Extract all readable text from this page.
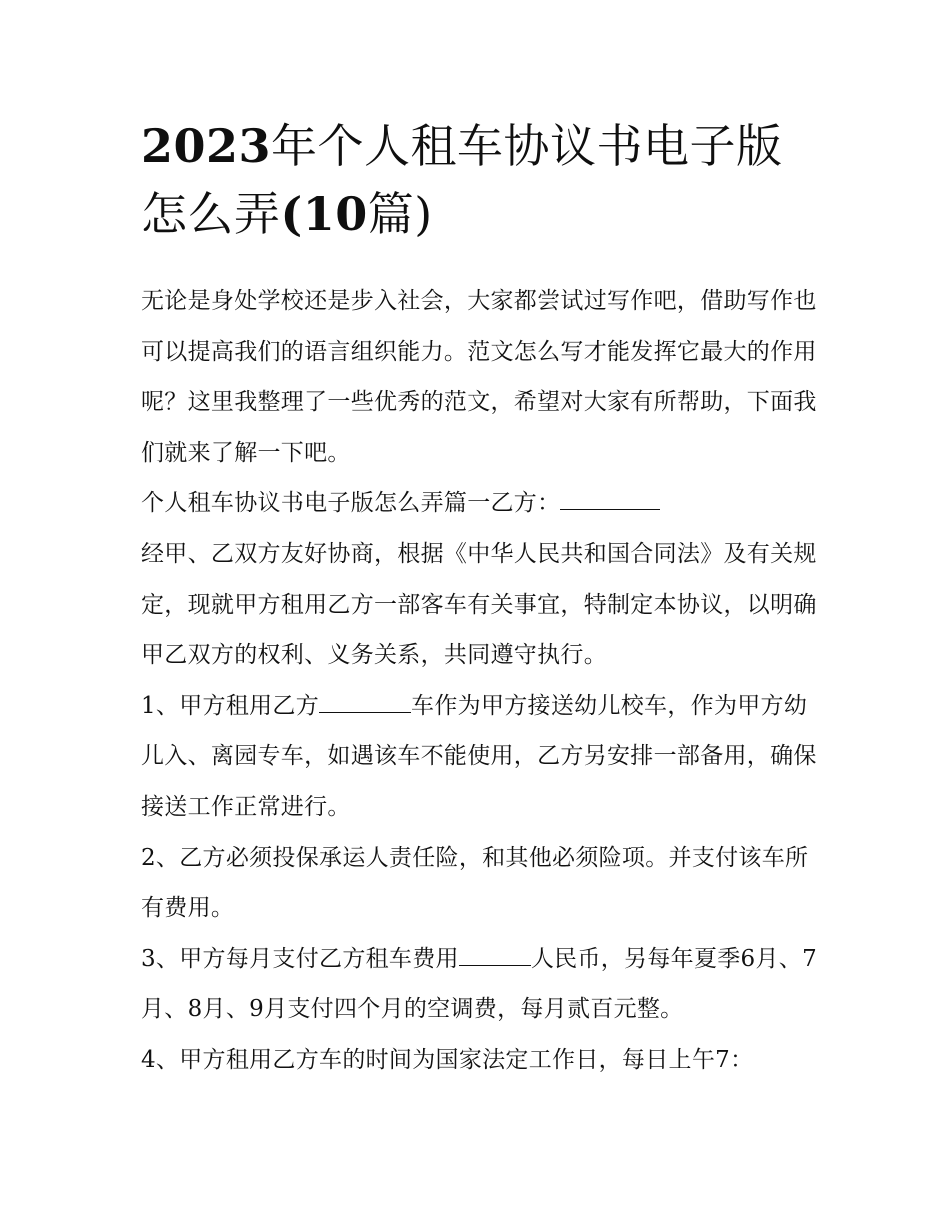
2023年个人租车协议书电子版
怎么弄(10篇)

无论是身处学校还是步入社会，大家都尝试过写作吧，借助写作也可以提高我们的语言组织能力。范文怎么写才能发挥它最大的作用呢？这里我整理了一些优秀的范文，希望对大家有所帮助，下面我们就来了解一下吧。

个人租车协议书电子版怎么弄篇一乙方：

经甲、乙双方友好协商，根据《中华人民共和国合同法》及有关规定，现就甲方租用乙方一部客车有关事宜，特制定本协议，以明确甲乙双方的权利、义务关系，共同遵守执行。

1、甲方租用乙方	车作为甲方接送幼儿校车，作为甲方幼儿入、离园专车，如遇该车不能使用，乙方另安排一部备用，确保接送工作正常进行。

2、乙方必须投保承运人责任险，和其他必须险项。并支付该车所有费用。

3、甲方每月支付乙方租车费用	人民币，另每年夏季6月、7月、8月、9月支付四个月的空调费，每月贰百元整。

4、甲方租用乙方车的时间为国家法定工作日，每日上午7：
